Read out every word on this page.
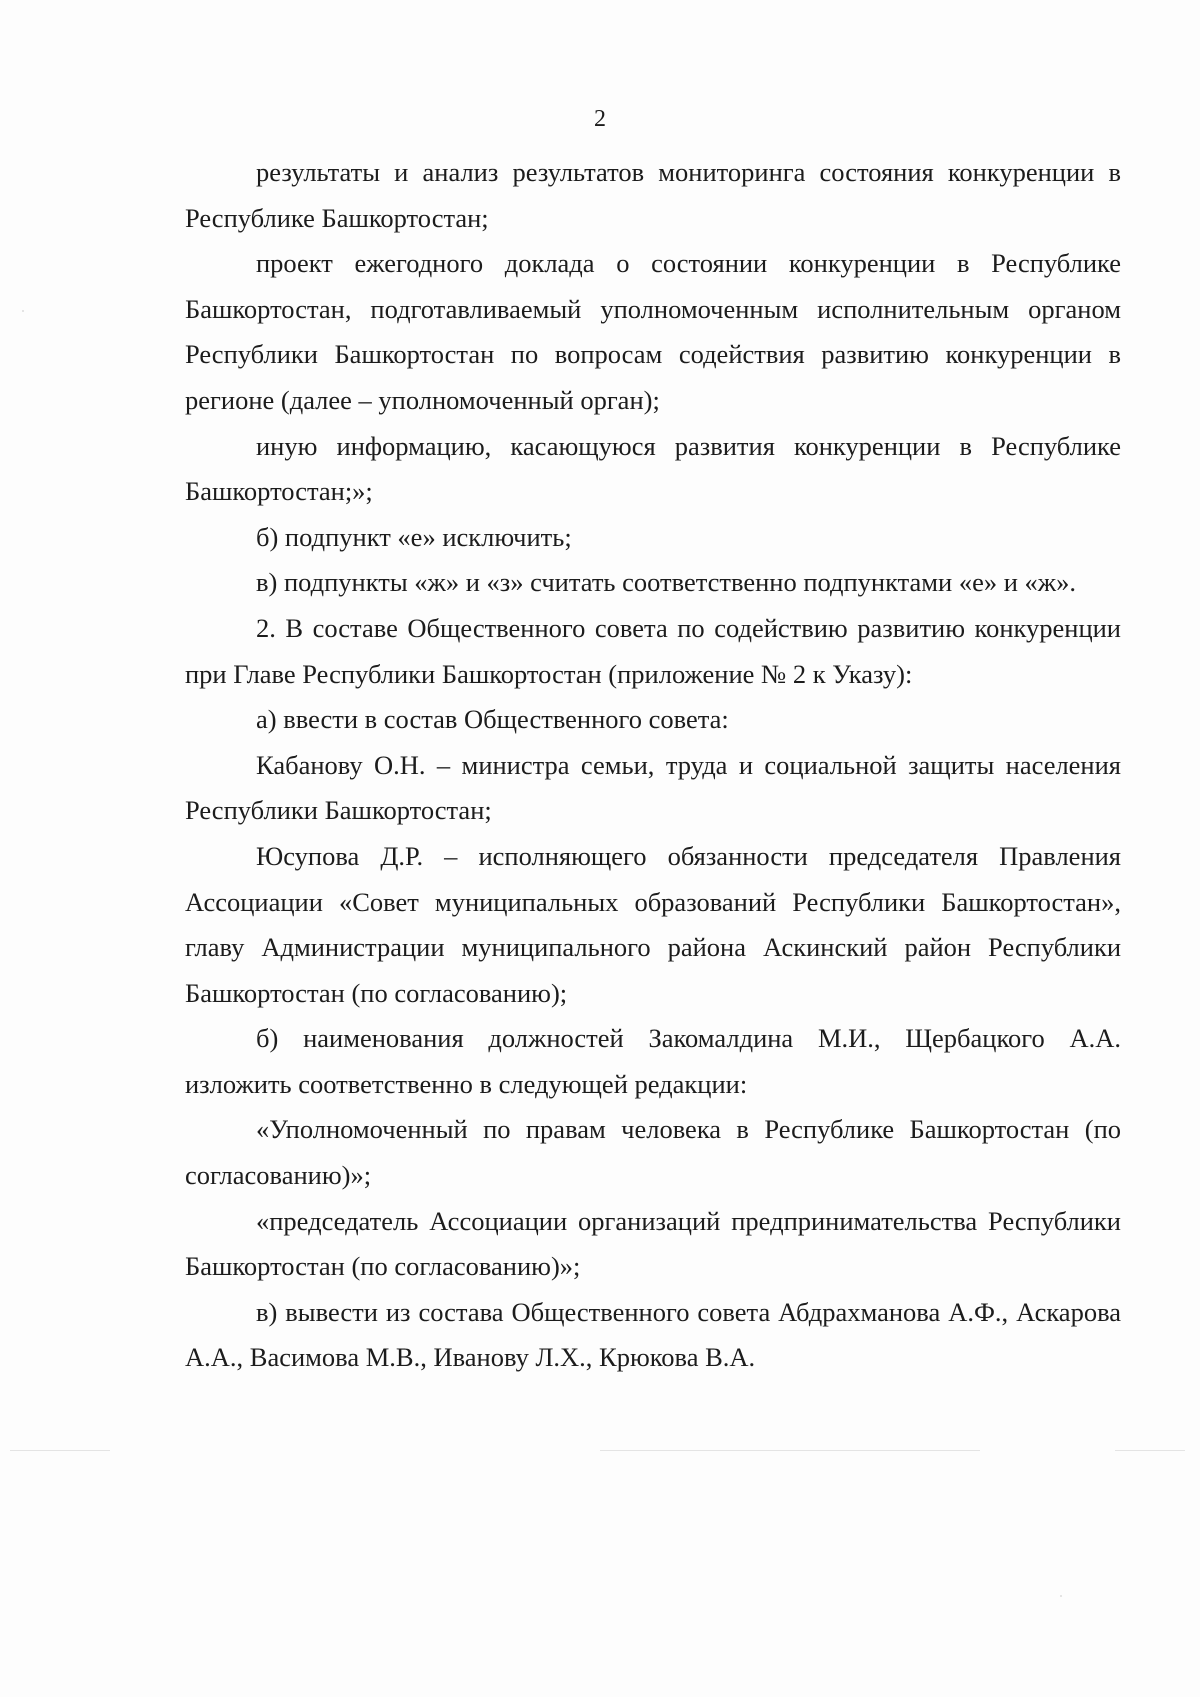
2

результаты и анализ результатов мониторинга состояния конкуренции в Республике Башкортостан;

проект ежегодного доклада о состоянии конкуренции в Республике Башкортостан, подготавливаемый уполномоченным исполнительным органом Республики Башкортостан по вопросам содействия развитию конкуренции в регионе (далее – уполномоченный орган);

иную информацию, касающуюся развития конкуренции в Республике Башкортостан;»;

б) подпункт «е» исключить;

в) подпункты «ж» и «з» считать соответственно подпунктами «е» и «ж».

2. В составе Общественного совета по содействию развитию конкуренции при Главе Республики Башкортостан (приложение № 2 к Указу):

а) ввести в состав Общественного совета:

Кабанову О.Н. – министра семьи, труда и социальной защиты населения Республики Башкортостан;

Юсупова Д.Р. – исполняющего обязанности председателя Правления Ассоциации «Совет муниципальных образований Республики Башкортостан», главу Администрации муниципального района Аскинский район Республики Башкортостан (по согласованию);

б) наименования должностей Закомалдина М.И., Щербацкого А.А. изложить соответственно в следующей редакции:

«Уполномоченный по правам человека в Республике Башкортостан (по согласованию)»;

«председатель Ассоциации организаций предпринимательства Республики Башкортостан (по согласованию)»;

в) вывести из состава Общественного совета Абдрахманова А.Ф., Аскарова А.А., Васимова М.В., Иванову Л.Х., Крюкова В.А.
